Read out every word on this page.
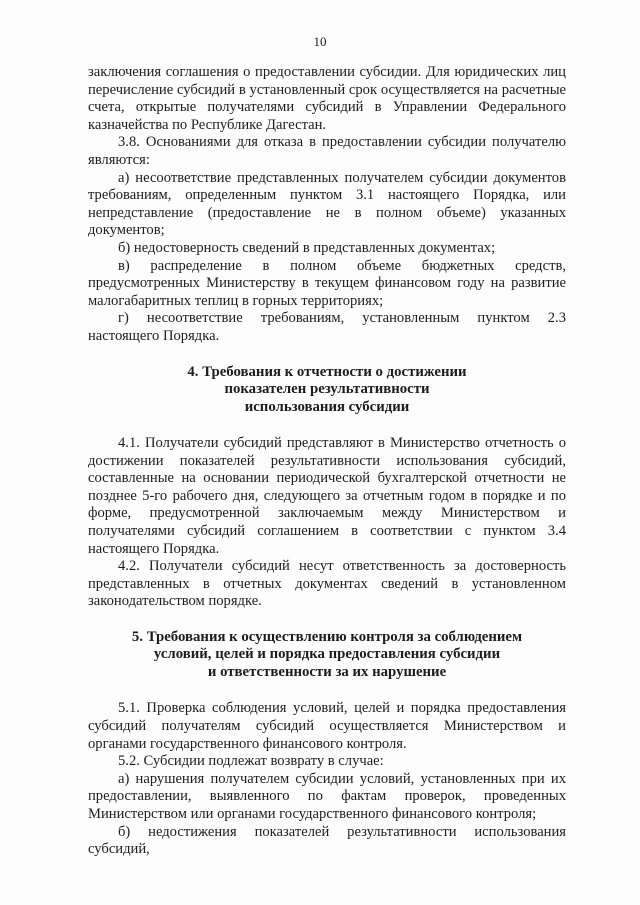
10

заключения соглашения о предоставлении субсидии. Для юридических лиц перечисление субсидий в установленный срок осуществляется на расчетные счета, открытые получателями субсидий в Управлении Федерального казначейства по Республике Дагестан.

3.8. Основаниями для отказа в предоставлении субсидии получателю являются:

а) несоответствие представленных получателем субсидии документов требованиям, определенным пунктом 3.1 настоящего Порядка, или непредставление (предоставление не в полном объеме) указанных документов;

б) недостоверность сведений в представленных документах;

в) распределение в полном объеме бюджетных средств, предусмотренных Министерству в текущем финансовом году на развитие малогабаритных теплиц в горных территориях;

г) несоответствие требованиям, установленным пунктом 2.3 настоящего Порядка.

4. Требования к отчетности о достижении
показателен результативности
использования субсидии

4.1. Получатели субсидий представляют в Министерство отчетность о достижении показателей результативности использования субсидий, составленные на основании периодической бухгалтерской отчетности не позднее 5-го рабочего дня, следующего за отчетным годом в порядке и по форме, предусмотренной заключаемым между Министерством и получателями субсидий соглашением в соответствии с пунктом 3.4 настоящего Порядка.

4.2. Получатели субсидий несут ответственность за достоверность представленных в отчетных документах сведений в установленном законодательством порядке.

5. Требования к осуществлению контроля за соблюдением
условий, целей и порядка предоставления субсидии
и ответственности за их нарушение

5.1. Проверка соблюдения условий, целей и порядка предоставления субсидий получателям субсидий осуществляется Министерством и органами государственного финансового контроля.

5.2. Субсидии подлежат возврату в случае:

а) нарушения получателем субсидии условий, установленных при их предоставлении, выявленного по фактам проверок, проведенных Министерством или органами государственного финансового контроля;

б) недостижения показателей результативности использования субсидий,
